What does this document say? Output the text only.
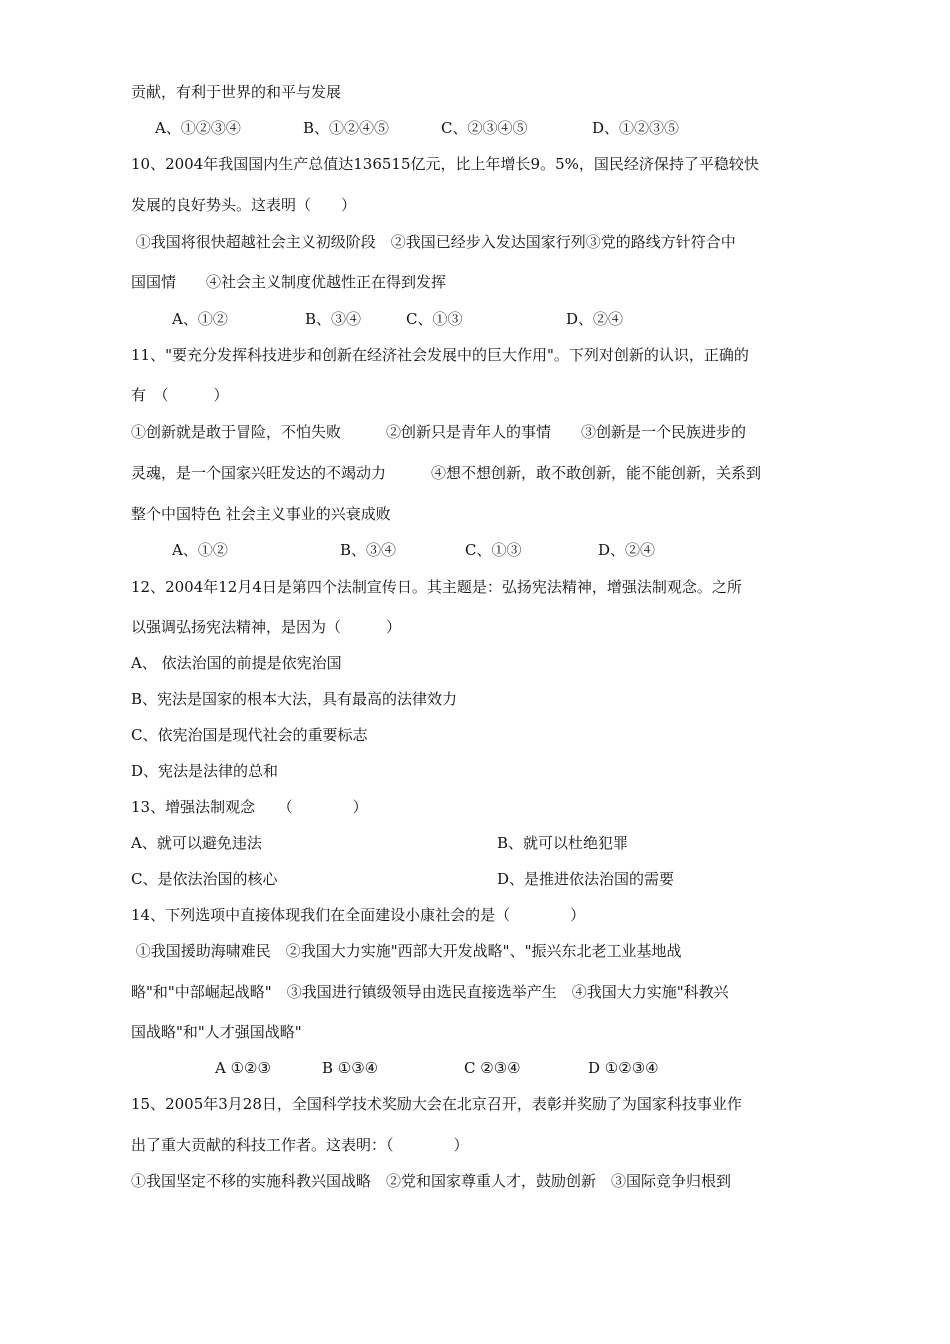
贡献，有利于世界的和平与发展
A、①②③④	B、①②④⑤	C、②③④⑤	D、①②③⑤
10、2004年我国国内生产总值达136515亿元，比上年增长9。5%，国民经济保持了平稳较快
发展的良好势头。这表明（　　）
①我国将很快超越社会主义初级阶段　②我国已经步入发达国家行列③党的路线方针符合中
国国情　　④社会主义制度优越性正在得到发挥
A、①②	B、③④	C、①③	D、②④
11、"要充分发挥科技进步和创新在经济社会发展中的巨大作用"。下列对创新的认识，正确的
有　（　　　）
①创新就是敢于冒险，不怕失败　　　②创新只是青年人的事情　　③创新是一个民族进步的
灵魂，是一个国家兴旺发达的不竭动力　　　④想不想创新，敢不敢创新，能不能创新，关系到
整个中国特色 社会主义事业的兴衰成败
A、①②	B、③④	C、①③	D、②④
12、2004年12月4日是第四个法制宣传日。其主题是：弘扬宪法精神，增强法制观念。之所
以强调弘扬宪法精神，是因为（　　　）
A、 依法治国的前提是依宪治国
B、宪法是国家的根本大法，具有最高的法律效力
C、依宪治国是现代社会的重要标志
D、宪法是法律的总和
13、增强法制观念　　（　　　　）
A、就可以避免违法	B、就可以杜绝犯罪
C、是依法治国的核心	D、是推进依法治国的需要
14、下列选项中直接体现我们在全面建设小康社会的是（　　　　）
①我国援助海啸难民　②我国大力实施"西部大开发战略"、"振兴东北老工业基地战
略"和"中部崛起战略"　③我国进行镇级领导由选民直接选举产生　④我国大力实施"科教兴
国战略"和"人才强国战略"
A ①②③	B ①③④	C ②③④	D ①②③④
15、2005年3月28日，全国科学技术奖励大会在北京召开，表彰并奖励了为国家科技事业作
出了重大贡献的科技工作者。这表明：（　　　　）
①我国坚定不移的实施科教兴国战略　②党和国家尊重人才，鼓励创新　③国际竞争归根到
